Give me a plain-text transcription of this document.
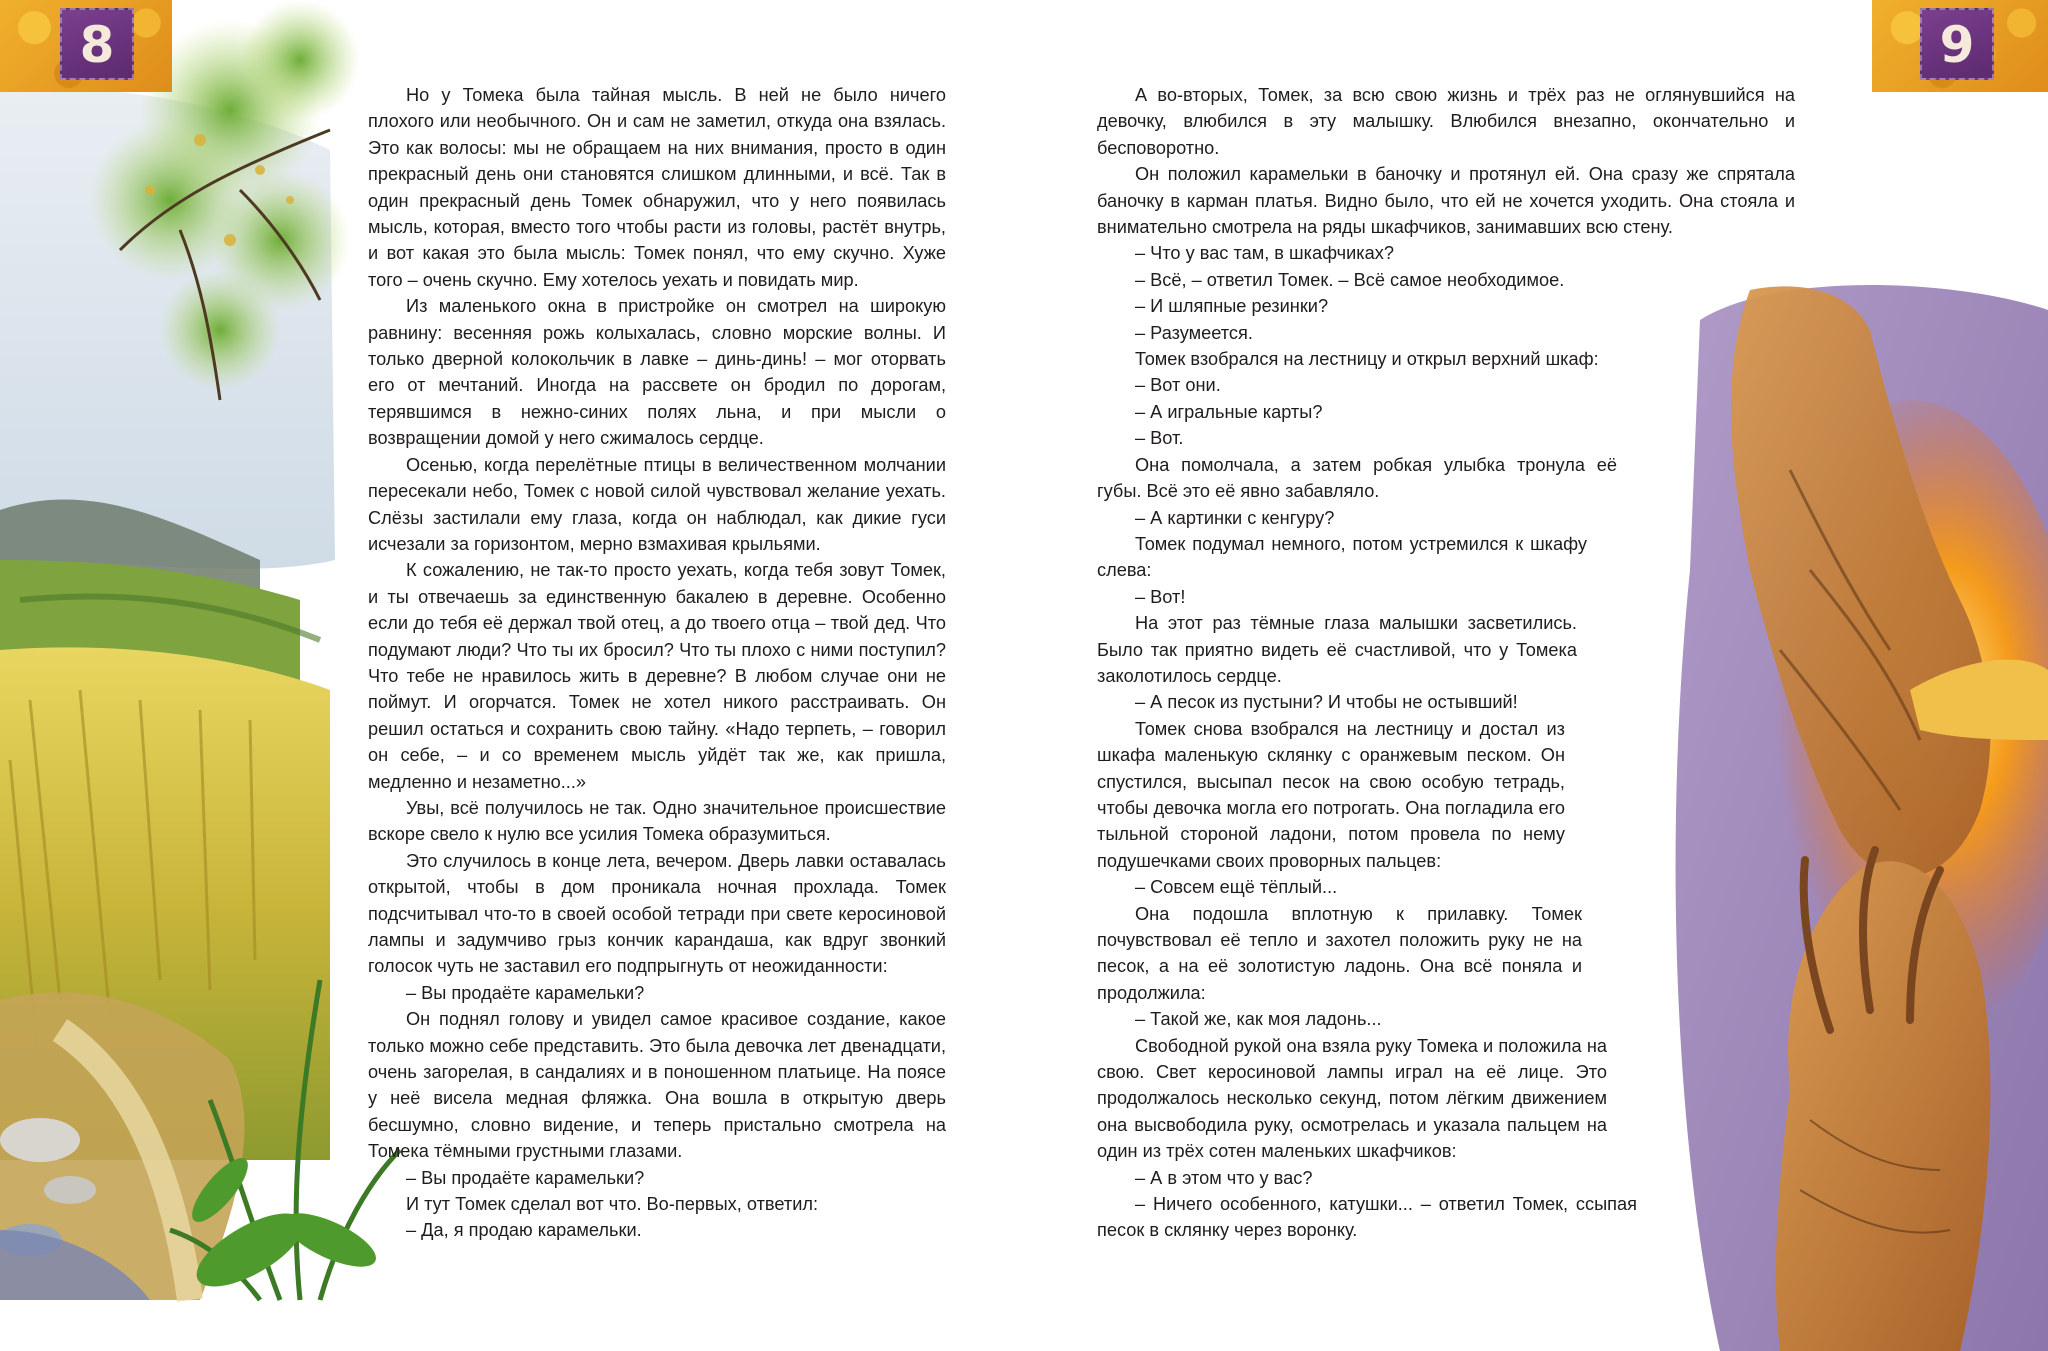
8	9

Но у Томека была тайная мысль. В ней не было ничего плохого или необычного. Он и сам не заметил, откуда она взялась. Это как волосы: мы не обращаем на них внимания, просто в один прекрасный день они становятся слишком длинными, и всё. Так в один прекрасный день Томек обнаружил, что у него появилась мысль, которая, вместо того чтобы расти из головы, растёт внутрь, и вот какая это была мысль: Томек понял, что ему скучно. Хуже того – очень скучно. Ему хотелось уехать и повидать мир.

Из маленького окна в пристройке он смотрел на широкую равнину: весенняя рожь колыхалась, словно морские волны. И только дверной колокольчик в лавке – динь-динь! – мог оторвать его от мечтаний. Иногда на рассвете он бродил по дорогам, терявшимся в нежно-синих полях льна, и при мысли о возвращении домой у него сжималось сердце.

Осенью, когда перелётные птицы в величественном молчании пересекали небо, Томек с новой силой чувствовал желание уехать. Слёзы застилали ему глаза, когда он наблюдал, как дикие гуси исчезали за горизонтом, мерно взмахивая крыльями.

К сожалению, не так-то просто уехать, когда тебя зовут Томек, и ты отвечаешь за единственную бакалею в деревне. Особенно если до тебя её держал твой отец, а до твоего отца – твой дед. Что подумают люди? Что ты их бросил? Что ты плохо с ними поступил? Что тебе не нравилось жить в деревне? В любом случае они не поймут. И огорчатся. Томек не хотел никого расстраивать. Он решил остаться и сохранить свою тайну. «Надо терпеть, – говорил он себе, – и со временем мысль уйдёт так же, как пришла, медленно и незаметно...»

Увы, всё получилось не так. Одно значительное происшествие вскоре свело к нулю все усилия Томека образумиться.

Это случилось в конце лета, вечером. Дверь лавки оставалась открытой, чтобы в дом проникала ночная прохлада. Томек подсчитывал что-то в своей особой тетради при свете керосиновой лампы и задумчиво грыз кончик карандаша, как вдруг звонкий голосок чуть не заставил его подпрыгнуть от неожиданности:

– Вы продаёте карамельки?

Он поднял голову и увидел самое красивое создание, какое только можно себе представить. Это была девочка лет двенадцати, очень загорелая, в сандалиях и в поношенном платьице. На поясе у неё висела медная фляжка. Она вошла в открытую дверь бесшумно, словно видение, и теперь пристально смотрела на Томека тёмными грустными глазами.

– Вы продаёте карамельки?

И тут Томек сделал вот что. Во-первых, ответил:

– Да, я продаю карамельки.

А во-вторых, Томек, за всю свою жизнь и трёх раз не оглянувшийся на девочку, влюбился в эту малышку. Влюбился внезапно, окончательно и бесповоротно.

Он положил карамельки в баночку и протянул ей. Она сразу же спрятала баночку в карман платья. Видно было, что ей не хочется уходить. Она стояла и внимательно смотрела на ряды шкафчиков, занимавших всю стену.

– Что у вас там, в шкафчиках?

– Всё, – ответил Томек. – Всё самое необходимое.

– И шляпные резинки?

– Разумеется.

Томек взобрался на лестницу и открыл верхний шкаф:

– Вот они.

– А игральные карты?

– Вот.

Она помолчала, а затем робкая улыбка тронула её губы. Всё это её явно забавляло.

– А картинки с кенгуру?

Томек подумал немного, потом устремился к шкафу слева:

– Вот!

На этот раз тёмные глаза малышки засветились. Было так приятно видеть её счастливой, что у Томека заколотилось сердце.

– А песок из пустыни? И чтобы не остывший!

Томек снова взобрался на лестницу и достал из шкафа маленькую склянку с оранжевым песком. Он спустился, высыпал песок на свою особую тетрадь, чтобы девочка могла его потрогать. Она погладила его тыльной стороной ладони, потом провела по нему подушечками своих проворных пальцев:

– Совсем ещё тёплый...

Она подошла вплотную к прилавку. Томек почувствовал её тепло и захотел положить руку не на песок, а на её золотистую ладонь. Она всё поняла и продолжила:

– Такой же, как моя ладонь...

Свободной рукой она взяла руку Томека и положила на свою. Свет керосиновой лампы играл на её лице. Это продолжалось несколько секунд, потом лёгким движением она высвободила руку, осмотрелась и указала пальцем на один из трёх сотен маленьких шкафчиков:

– А в этом что у вас?

– Ничего особенного, катушки... – ответил Томек, ссыпая песок в склянку через воронку.
